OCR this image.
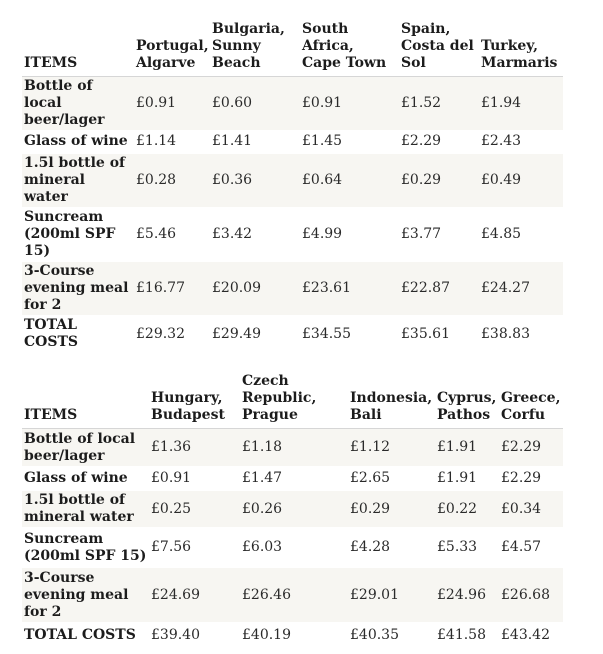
ITEMS	Portugal, Algarve	Bulgaria, Sunny Beach	South Africa, Cape Town	Spain, Costa del Sol	Turkey, Marmaris
Bottle of local beer/lager	£0.91	£0.60	£0.91	£1.52	£1.94
Glass of wine	£1.14	£1.41	£1.45	£2.29	£2.43
1.5l bottle of mineral water	£0.28	£0.36	£0.64	£0.29	£0.49
Suncream (200ml SPF 15)	£5.46	£3.42	£4.99	£3.77	£4.85
3-Course evening meal for 2	£16.77	£20.09	£23.61	£22.87	£24.27
TOTAL COSTS	£29.32	£29.49	£34.55	£35.61	£38.83
ITEMS	Hungary, Budapest	Czech Republic, Prague	Indonesia, Bali	Cyprus, Pathos	Greece, Corfu
Bottle of local beer/lager	£1.36	£1.18	£1.12	£1.91	£2.29
Glass of wine	£0.91	£1.47	£2.65	£1.91	£2.29
1.5l bottle of mineral water	£0.25	£0.26	£0.29	£0.22	£0.34
Suncream (200ml SPF 15)	£7.56	£6.03	£4.28	£5.33	£4.57
3-Course evening meal for 2	£24.69	£26.46	£29.01	£24.96	£26.68
TOTAL COSTS	£39.40	£40.19	£40.35	£41.58	£43.42
